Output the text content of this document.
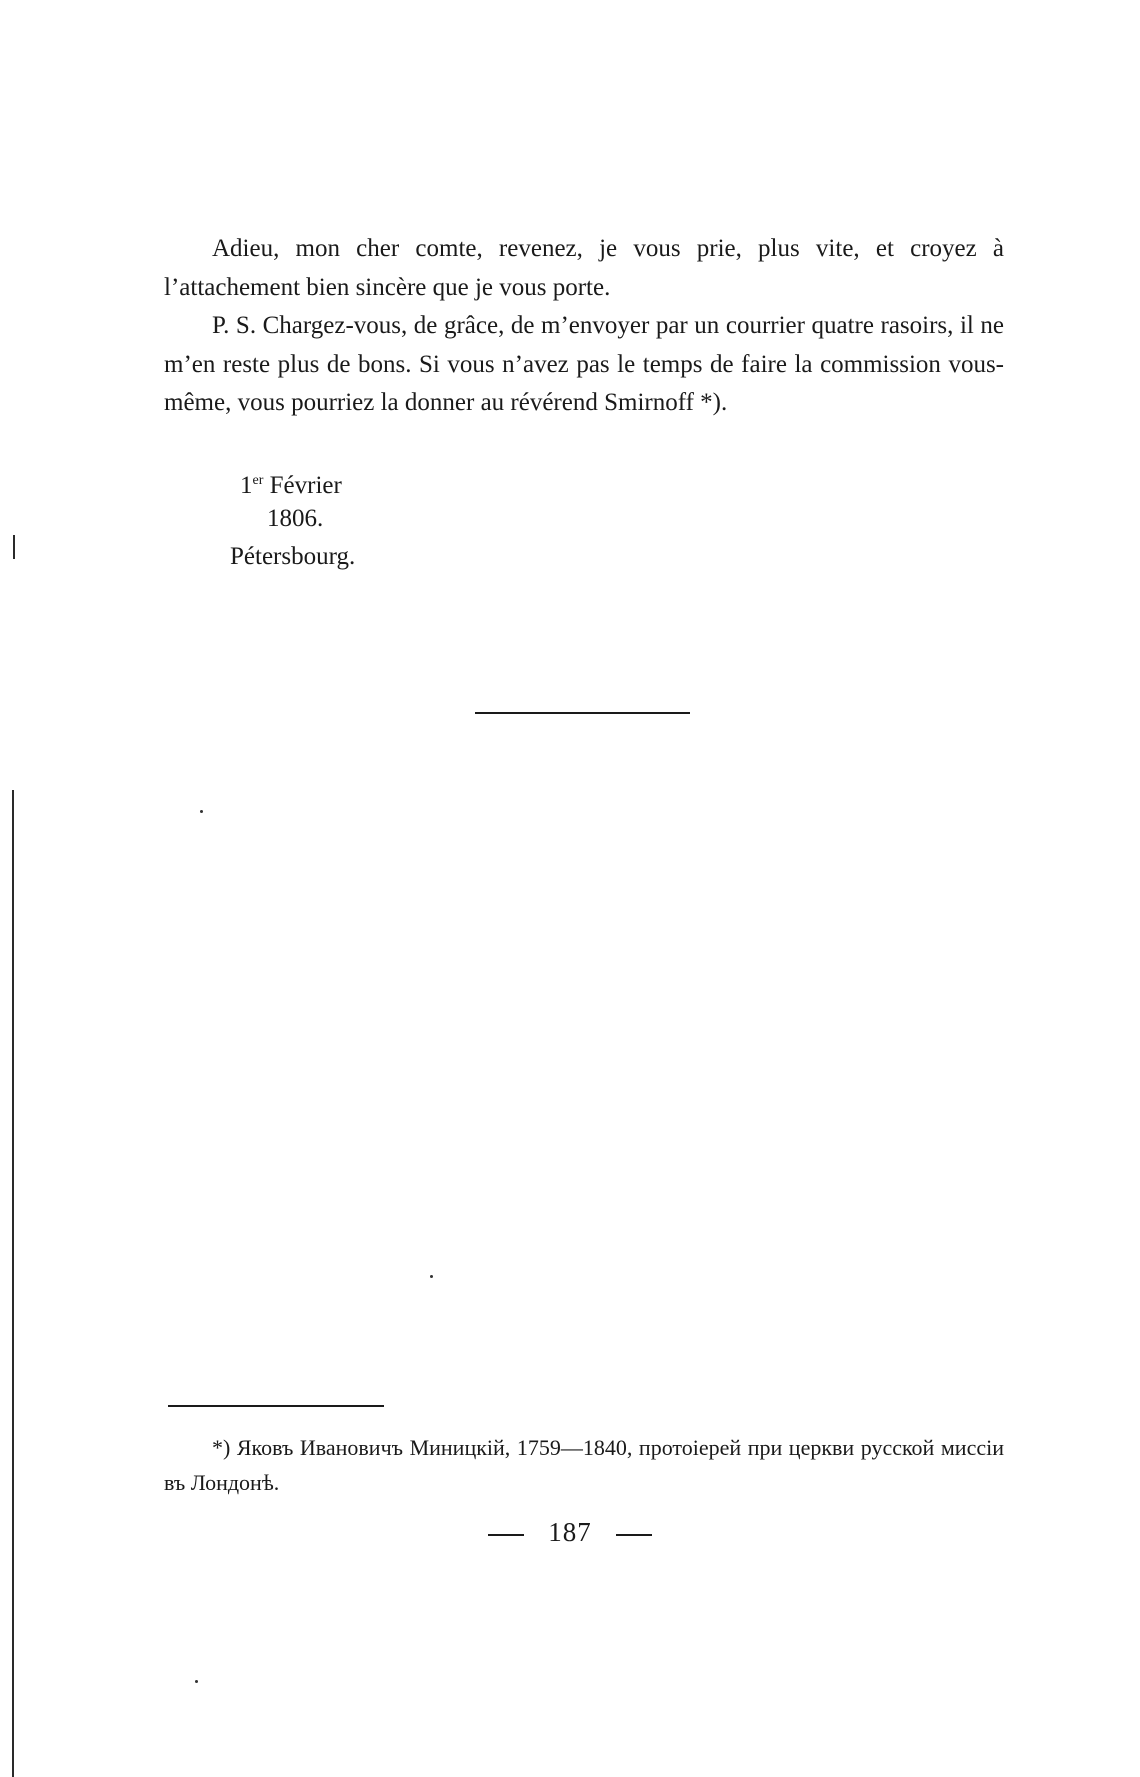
Adieu, mon cher comte, revenez, je vous prie, plus vite, et croyez à l’attachement bien sincère que je vous porte.

P. S. Chargez-vous, de grâce, de m’envoyer par un courrier quatre rasoirs, il ne m’en reste plus de bons. Si vous n’avez pas le temps de faire la commission vous-même, vous pourriez la donner au révérend Smirnoff *).

1er Février
1806.
Pétersbourg.
*) Яковъ Ивановичъ Миницкій, 1759—1840, протоіерей при церкви русской миссіи въ Лондонѣ.
187
